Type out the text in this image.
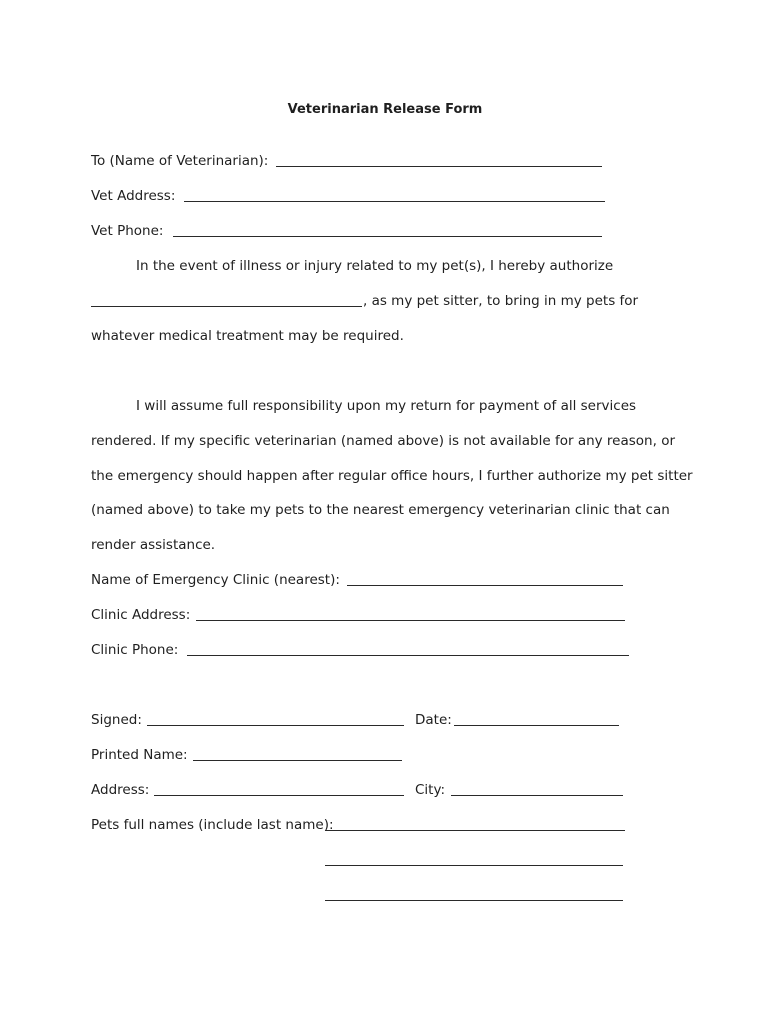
Veterinarian Release Form
To (Name of Veterinarian):
Vet Address:
Vet Phone:
In the event of illness or injury related to my pet(s), I hereby authorize
, as my pet sitter, to bring in my pets for
whatever medical treatment may be required.
I will assume full responsibility upon my return for payment of all services
rendered. If my specific veterinarian (named above) is not available for any reason, or
the emergency should happen after regular office hours, I further authorize my pet sitter
(named above) to take my pets to the nearest emergency veterinarian clinic that can
render assistance.
Name of Emergency Clinic (nearest):
Clinic Address:
Clinic Phone:
Signed:	Date:
Printed Name:
Address:	City:
Pets full names (include last name):
